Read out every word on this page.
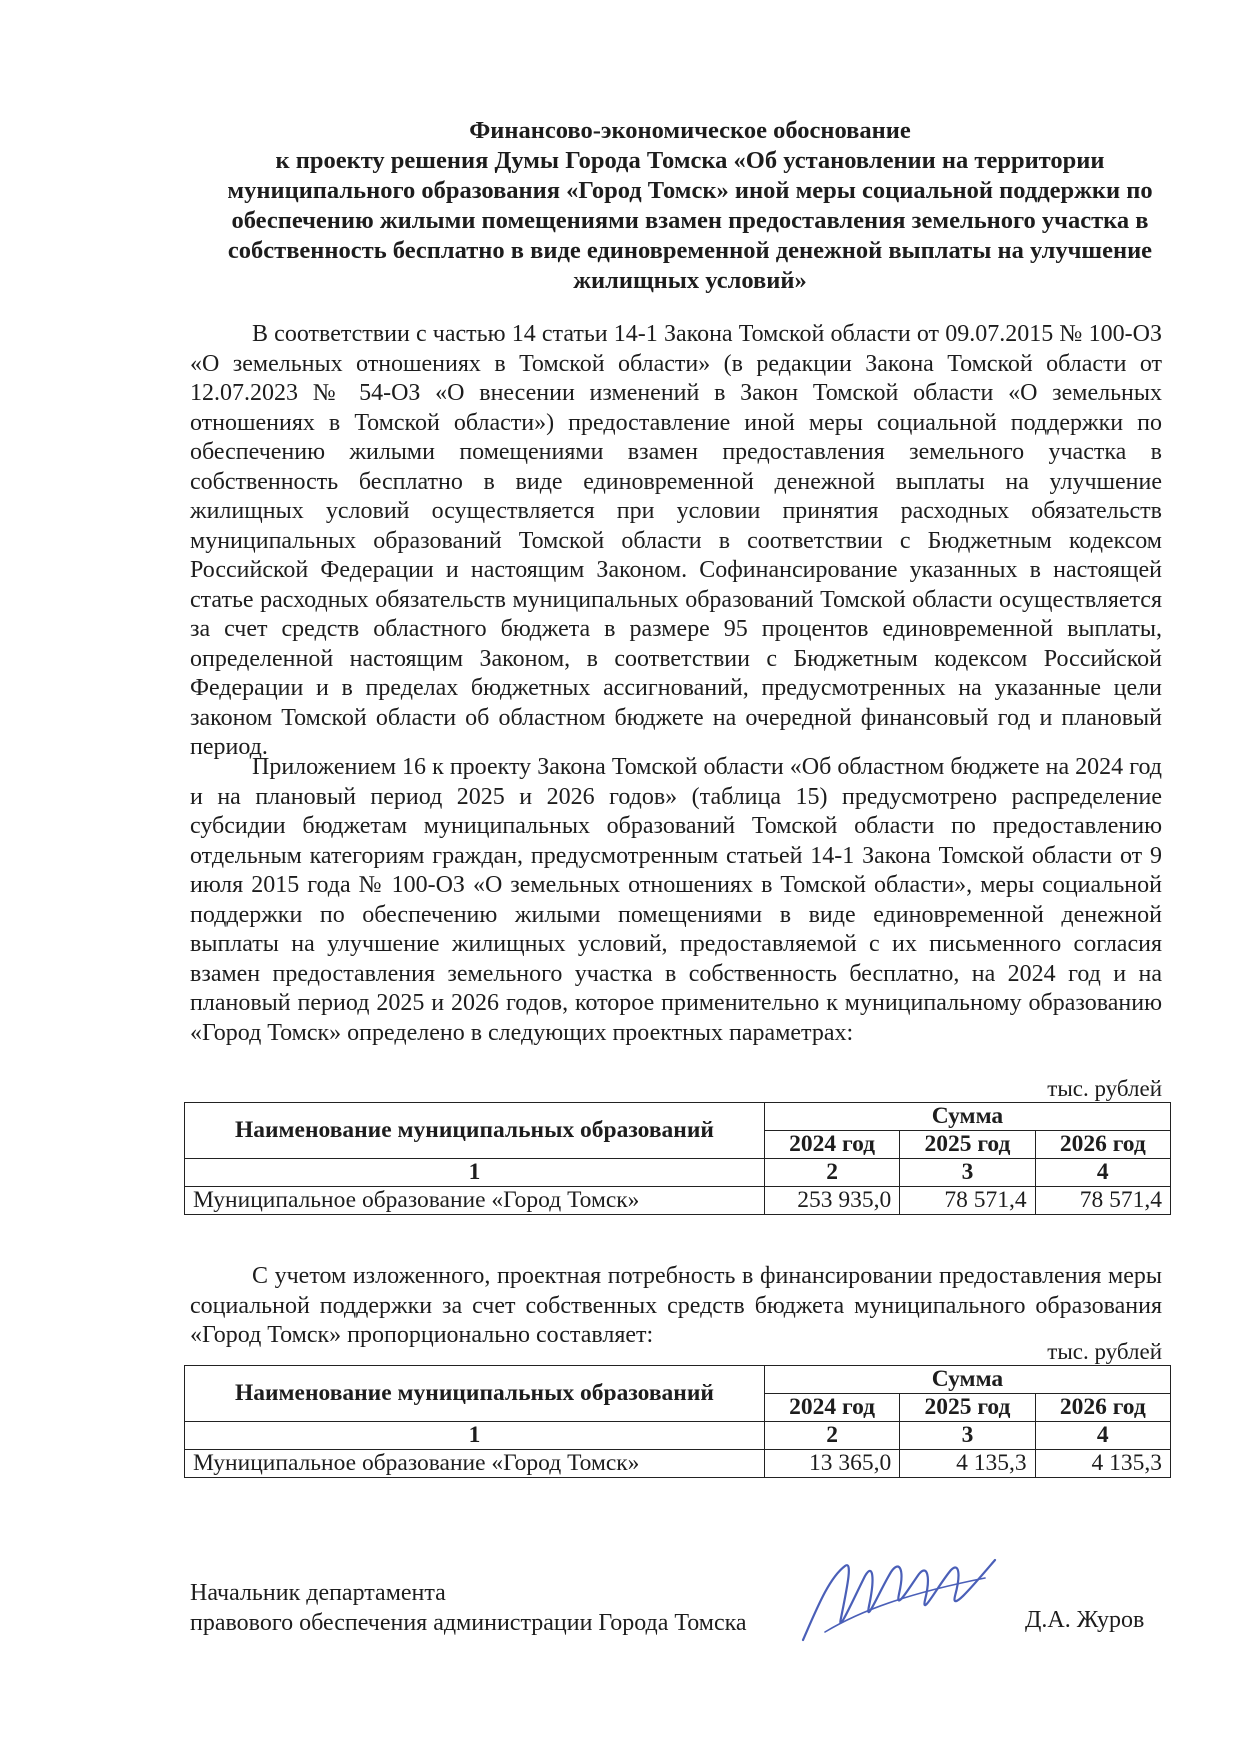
Финансово-экономическое обоснование
к проекту решения Думы Города Томска «Об установлении на территории
муниципального образования «Город Томск» иной меры социальной поддержки по
обеспечению жилыми помещениями взамен предоставления земельного участка в
собственность бесплатно в виде единовременной денежной выплаты на улучшение
жилищных условий»

В соответствии с частью 14 статьи 14-1 Закона Томской области от 09.07.2015 № 100-ОЗ «О земельных отношениях в Томской области» (в редакции Закона Томской области от 12.07.2023 № 54-ОЗ «О внесении изменений в Закон Томской области «О земельных отношениях в Томской области») предоставление иной меры социальной поддержки по обеспечению жилыми помещениями взамен предоставления земельного участка в собственность бесплатно в виде единовременной денежной выплаты на улучшение жилищных условий осуществляется при условии принятия расходных обязательств муниципальных образований Томской области в соответствии с Бюджетным кодексом Российской Федерации и настоящим Законом. Софинансирование указанных в настоящей статье расходных обязательств муниципальных образований Томской области осуществляется за счет средств областного бюджета в размере 95 процентов единовременной выплаты, определенной настоящим Законом, в соответствии с Бюджетным кодексом Российской Федерации и в пределах бюджетных ассигнований, предусмотренных на указанные цели законом Томской области об областном бюджете на очередной финансовый год и плановый период.

Приложением 16 к проекту Закона Томской области «Об областном бюджете на 2024 год и на плановый период 2025 и 2026 годов» (таблица 15) предусмотрено распределение субсидии бюджетам муниципальных образований Томской области по предоставлению отдельным категориям граждан, предусмотренным статьей 14-1 Закона Томской области от 9 июля 2015 года № 100-ОЗ «О земельных отношениях в Томской области», меры социальной поддержки по обеспечению жилыми помещениями в виде единовременной денежной выплаты на улучшение жилищных условий, предоставляемой с их письменного согласия взамен предоставления земельного участка в собственность бесплатно, на 2024 год и на плановый период 2025 и 2026 годов, которое применительно к муниципальному образованию «Город Томск» определено в следующих проектных параметрах:

тыс. рублей
Наименование муниципальных образований	Сумма		
	2024 год	2025 год	2026 год
1	2	3	4
Муниципальное образование «Город Томск»	253 935,0	78 571,4	78 571,4

С учетом изложенного, проектная потребность в финансировании предоставления меры социальной поддержки за счет собственных средств бюджета муниципального образования «Город Томск» пропорционально составляет:

тыс. рублей
Наименование муниципальных образований	Сумма		
	2024 год	2025 год	2026 год
1	2	3	4
Муниципальное образование «Город Томск»	13 365,0	4 135,3	4 135,3
Начальник департамента
правового обеспечения администрации Города Томска	Д.А. Журов
